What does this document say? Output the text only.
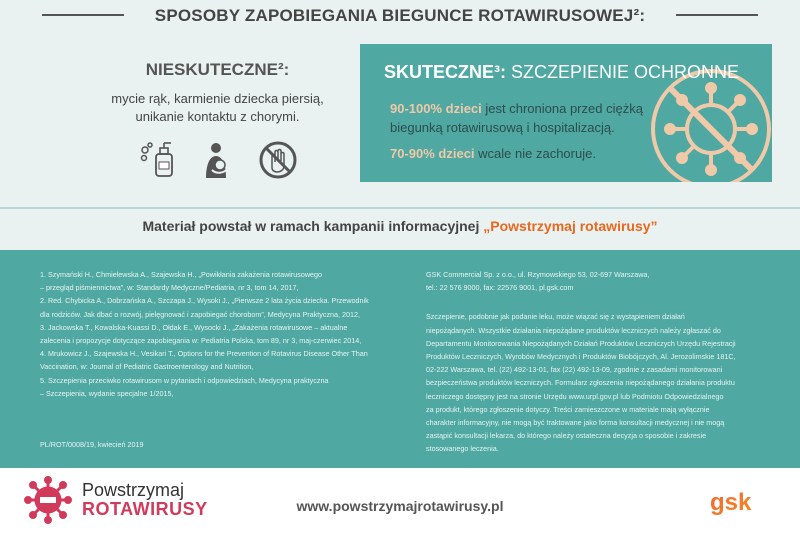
SPOSOBY ZAPOBIEGANIA BIEGUNCE ROTAWIRUSOWEJ²:
NIESKUTECZNE²:
mycie rąk, karmienie dziecka piersią,
unikanie kontaktu z chorymi.
SKUTECZNE³: SZCZEPIENIE OCHRONNE
90-100% dzieci jest chroniona przed ciężką biegunką rotawirusową i hospitalizacją.
70-90% dzieci wcale nie zachoruje.
Materiał powstał w ramach kampanii informacyjnej „Powstrzymaj rotawirusy”

1. Szymański H., Chmielewska A., Szajewska H., „Powikłania zakażenia rotawirusowego

– przegląd piśmiennictwa”, w: Standardy Medyczne/Pediatria, nr 3, tom 14, 2017,

2. Red. Chybicka A., Dobrzańska A., Szczapa J., Wysoki J., „Pierwsze 2 lata życia dziecka. Przewodnik

dla rodziców. Jak dbać o rozwój, pielęgnować i zapobiegać chorobom”, Medycyna Praktyczna, 2012,

3. Jackowska T., Kowalska-Kuassi D., Ołdak E., Wysocki J., „Zakażenia rotawirusowe – aktualne

zalecenia i propozycje dotyczące zapobiegania w: Pediatria Polska, tom 89, nr 3, maj-czerwiec 2014,

4. Mrukowicz J., Szajewska H., Vesikari T., Options for the Prevention of Rotavirus Disease Other Than

Vaccination, w: Journal of Pediatric Gastroenterology and Nutrition,

5. Szczepienia przeciwko rotawirusom w pytaniach i odpowiedziach, Medycyna praktyczna

– Szczepienia, wydanie specjalne 1/2015,

PL/ROT/0008/19, kwiecień 2019

GSK Commercial Sp. z o.o., ul. Rzymowskiego 53, 02-697 Warszawa,

tel.: 22 576 9000, fax: 22576 9001, pl.gsk.com

Szczepienie, podobnie jak podanie leku, może wiązać się z wystąpieniem działań

niepożądanych. Wszystkie działania niepożądane produktów leczniczych należy zgłaszać do

Departamentu Monitorowania Niepożądanych Działań Produktów Leczniczych Urzędu Rejestracji

Produktów Leczniczych, Wyrobów Medycznych i Produktów Biobójczych, Al. Jerozolimskie 181C,

02-222 Warszawa, tel. (22) 492-13-01, fax (22) 492-13-09, zgodnie z zasadami monitorowani

bezpieczeństwa produktów leczniczych. Formularz zgłoszenia niepożądanego działania produktu

leczniczego dostępny jest na stronie Urzędu www.urpl.gov.pl lub Podmiotu Odpowiedzialnego

za produkt, którego zgłoszenie dotyczy. Treści zamieszczone w materiale mają wyłącznie

charakter informacyjny, nie mogą być traktowane jako forma konsultacji medycznej i nie mogą

zastąpić konsultacji lekarza, do którego należy ostateczna decyzja o sposobie i zakresie

stosowanego leczenia.

Powstrzymaj
ROTAWIRUSY	www.powstrzymajrotawirusy.pl	gsk
